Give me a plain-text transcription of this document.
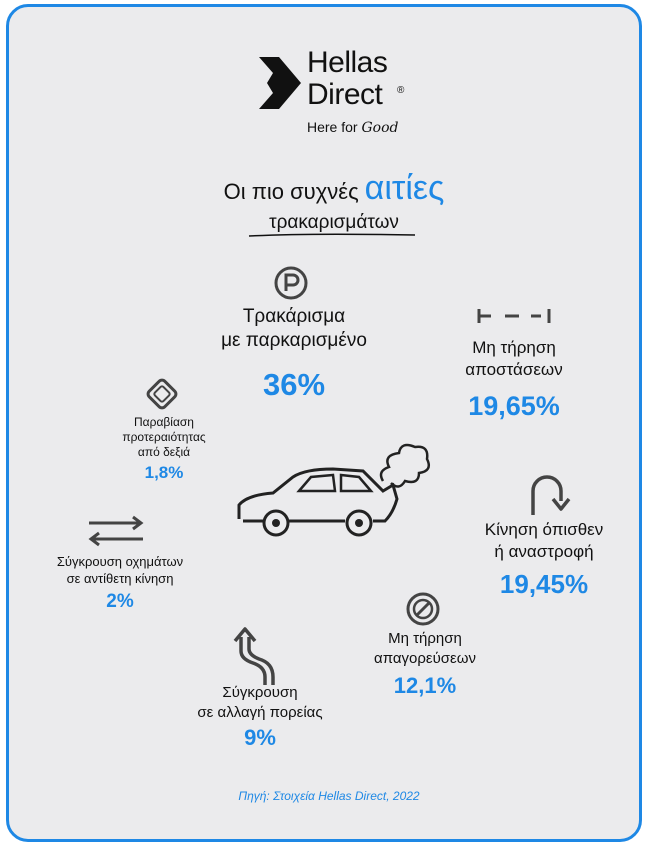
Hellas
Direct	®
Here for Good
Οι πιο συχνές αιτίες
τρακαρισμάτων
Τρακάρισμα
με παρκαρισμένο
36%
Μη τήρηση
αποστάσεων
19,65%
Παραβίαση
προτεραιότητας
από δεξιά
1,8%
Κίνηση όπισθεν
ή αναστροφή
19,45%
Σύγκρουση οχημάτων
σε αντίθετη κίνηση
2%
Μη τήρηση
απαγορεύσεων
12,1%
Σύγκρουση
σε αλλαγή πορείας
9%
Πηγή: Στοιχεία Hellas Direct, 2022
